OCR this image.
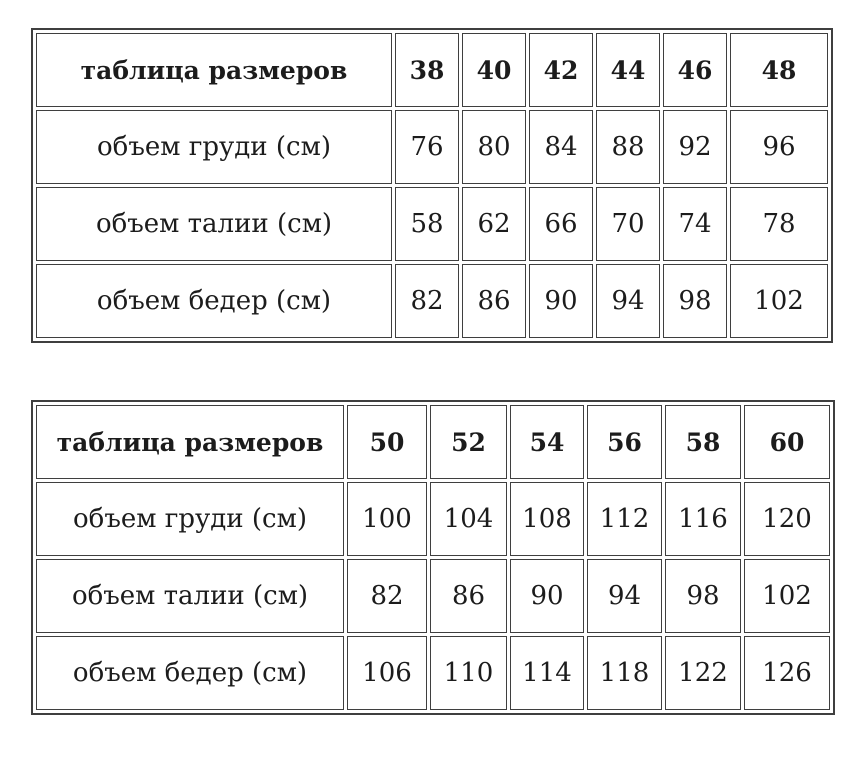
таблица размеров	38	40	42	44	46	48
объем груди (см)	76	80	84	88	92	96
объем талии (см)	58	62	66	70	74	78
объем бедер (см)	82	86	90	94	98	102
таблица размеров	50	52	54	56	58	60
объем груди (см)	100	104	108	112	116	120
объем талии (см)	82	86	90	94	98	102
объем бедер (см)	106	110	114	118	122	126
